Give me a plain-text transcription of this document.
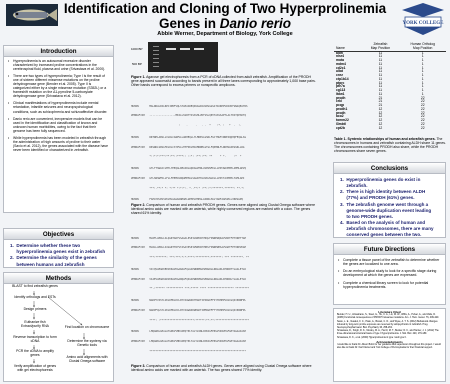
Identification and Cloning of Two Hyperprolinemia
Genes in Danio rerio
Abbie Werner, Department of Biology, York College
YORK COLLEGE
Introduction
• Hyperprolinemia is an autosomal recessive disorder characterized by increased proline concentrations in the cerebrospinal fluid, plasma and urine (Srivastava et al. 2000).
• There are two types of hyperprolinemia; Type I is the result of one of sixteen different missense mutations on the proline dehydrogenase gene (Bender et al. 2005). Type II is categorized either by a single missense mutation (S352L) or a frameshift mutation on the Δ1-pyrroline 5-carboxylate dehydrogenase gene (Srivastava et al. 2012).
• Clinical manifestations of hyperprolinemia include mental retardation, infantile seizures and neuropsychological conditions, such as schizophrenia and schizoaffective disorder.
• Danio rerio are convenient, inexpensive models that can be used in the identification and classification of known and unknown human morbidities, owing to the fact that their genome has been fully sequenced.
• While hyperprolinemia has been modeled in zebrafish through the administration of high amounts of proline to their water (Savio et al. 2012), the genes associated with the disease have never been identified or characterized in zebrafish.
Objectives
1.  Determine whether these two
hyperprolinemia genes exist in zebrafish
2.  Determine the similarity of the genes
between humans and zebrafish
Methods
BLAST to find zebrafish genes
Identify orthologs and ESTs
Design primers
Euthanize fish
Extract/purify RNA
Reverse transcription to form
cDNA
PCR the cDNA to amplify
genes
Verify amplification of genes
with gel electrophoresis
Find location on chromosome
Determine the synteny via
Genetic tools
Amino acid alignments with
Clustal Omega software
1000 BP
500 BP
Figure 1. Agarose gel electrophoresis from a PCR of cDNA collected from adult zebrafish. Amplification of the PRODH gene appeared successful according to bands present in all three lanes corresponding to approximately 1,000 base pairs. Other bands correspond to excess primers or nonspecific amplicons.

HUMAN       MALRRALPALRPCIPRFVQLSTAPASREQPAAGPAAVPGGGSATAVRPPVPAVDFGNAQEAYRS

ZEBRAFISH   -----------------MKILLSSRYYSSSSHLVRTSSLQPVTASSSAPTLALTKSTQPSKTQ

:    .     .   . .  *    :*. :   *  .  :.

HUMAN       RRTWELARSLLVLRLCAWPVLLARHEQLLYLMRKVLGSRLFGCTHGFCRNEIQQHQFEQGLSG

ZEBRAFISH   RKSWDLSRSLMVLKLCSYPVLLTHFDKLMAVMRRMLGTGLFQKMNLFLRRHSLREGSRLLRG

*::*:*:***:**:**::****:: ::*: :**::**: **     * *.     :*  *

HUMAN       GTLTTSWLDCLMYLYPEQALREAIRLAQDAGVERLAVRVNFDLLLPPCNAVHEHLAMMLGEVQ

ZEBRAFISH   GTLSNSWFDLLFLLFPEMAVRQAMEHALSAGIESVAVKLNLDLLLPPCTAVHEHLTAMLAEI

***:.**:* *: *:** *:*:*:. *..**:* :**::*:*******.******: **.*:

HUMAN       FAEGYPLRVSVKLMLGAGDAWHGHLGEHPLHHPALLRDRLHALYARFAAEAHLLVRPGGPQ

Figure 2. Comparison of human and zebrafish PRODH genes. Genes were aligned using Clustal Omega software where identical amino acids are marked with an asterisk, while highly conserved regions are marked with a colon. The genes shared 61% identity.

HUMAN       MLRFLAPRLLSLQGRTARYSSAAALPSPILNPDIPYNQLFINNEWQDAVSKKTFPTVNPTTGE

ZEBRAFISH   MLRLLAPRLLSIGGRTTRYSTASAVPSPIVNPDIPYNELFINNEWHSAVSGKTFPTVNPVDGE

***:*******: ***:***:*:*:****:*********:*******: *** ********. **

HUMAN       VICQVAEGDKEDVDKAVKAARAAFQLGSPWRRMDASHRGRLLNRLADLIERDRTYLAALETLD

ZEBRAFISH   VIAEVAEGDKADVDKAVKAARQAFQIGSPWRSMDASERGRLLNRLADLIERDRLYLAALETLD

**.:****** *********** ***:***** **** ***************** *********

HUMAN       NGKPYVISYLVDLDMVLKCLRYYAGWADKYHGKTIPIDGDFFSYTRHEPVGVCGQIIPWNFPL

ZEBRAFISH   NGKPFQLSYLVDLDMVLKCLRYYAGWADKWHGKTIPMDGEFFTYTRHEPVGVCGQIIPWNFPL

****: :**********************:******:**:**:**********************

HUMAN       LMQAWKLGPALATGNVVVMKVAEQTPLTALYVANLIKEAGFPPGVVNIVPGFGPTAGAAIASH

ZEBRAFISH   LMQAWKLGPALATGNVVVMKVAEQTPLTALYVANLIKEAGFPPGVVNIVPGFGPTAGAAIASH

***************************************************************

Figure 3. Comparison of human and zebrafish ALDH genes. Genes were aligned using Clustal Omega software where identical amino acids are marked with an asterisk. The two genes shared 77% identity.
	Zebrafish	Human Ortholog
Name	Map Position	Map Position
aldh	11	1
nlsr4	11	1
mota	11	1
mdm4	11	1
cd2c1	11	1
ulbd	11	1
cnrz	11	1
ctp1b14	11	1
ptprc	11	1
pte7a	11	1
cg113	11	1
ltdw1	11	1
prodh	21	22
crkl	21	22
pcqp	21	22
prodh1	12	22
prodh	12	22
aco2	12	22
tomm22	12	22
l3mbtl	12	22
cpt2b	12	22
Table 1. Syntenic relationships of human and zebrafish genes. The chromosomes in humans and zebrafish containing ALDH share 11 genes. The chromosomes containing PRODH also share, while the PRODH chromosomes share seven genes.
Conclusions
1.  Hyperprolinemia genes do exist in
zebrafish.
2.  There is high identity between ALDH
(77%) and PRODH (61%) genes.
3.  The zebrafish genome went through a
genome-wide duplication event leading
to two PRODH genes.
4.  Based on the analysis of human and
zebrafish chromosomes, there are many
conserved genes between the two.
Future Directions
• Complete a tissue panel of the zebrafish to determine whether the genes are localized to one area.
• Do an embryological study to look for a specific stage during development at which the genes are expressed.
• Complete a chemical library screen to look for potential hyperprolinemia treatments.
Literature Cited
Bender, H. U., Almashanu, S., Steel, G., Hu, C. A., Lin, W. W., Willis, A., Pulver, A., and Valle, D. (2005) Functional consequences of PRODH missense mutations. Am. J. Hum. Genet. 76, 409-420.
Savio, L. E., Vuaden, F. C., Piato, A., Bonan, C. D., and Wyse, A. T. S. (2012) Behavioral changes induced by long-term proline exposure are reversed by antipsychotics in zebrafish. Prog. Neuropsychopharmacol. Biol. Psychiatry 36, 258-263.
Srivastava, D., Singh, R. K., Moxley, M. A., Henzl, M. T., Becker, D. F., and Tanner, J. J. (2012) The three-dimensional structural basis of type II hyperprolinemia. J. Mol. Biol. 420, 176-189.
Srivastava, D. K., et al. (2000) Hyperprolinemia in type I and type II.
Acknowledgments
I would like to thank Dr. Alison Bohn for her guidance and supervision throughout this project. I would also like to thank Dr. Karl Kleiner and York College of Pennsylvania for their financial support.
